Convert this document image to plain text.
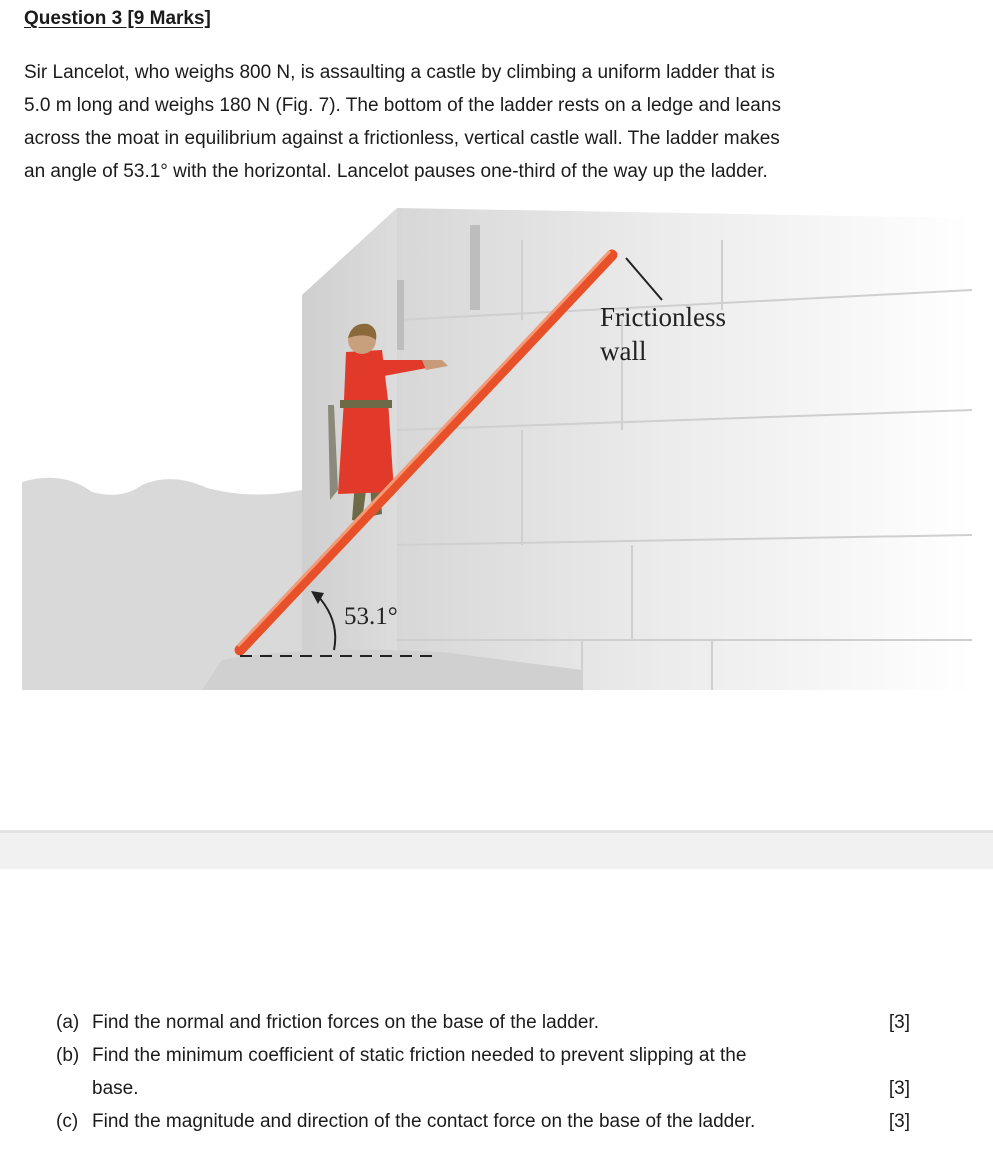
Question 3 [9 Marks]
Sir Lancelot, who weighs 800 N, is assaulting a castle by climbing a uniform ladder that is
5.0 m long and weighs 180 N (Fig. 7). The bottom of the ladder rests on a ledge and leans
across the moat in equilibrium against a frictionless, vertical castle wall. The ladder makes
an angle of 53.1° with the horizontal. Lancelot pauses one-third of the way up the ladder.
Frictionless
wall
53.1°
(a) Find the normal and friction forces on the base of the ladder.	[3]
(b) Find the minimum coefficient of static friction needed to prevent slipping at the
base.	[3]
(c) Find the magnitude and direction of the contact force on the base of the ladder.	[3]
